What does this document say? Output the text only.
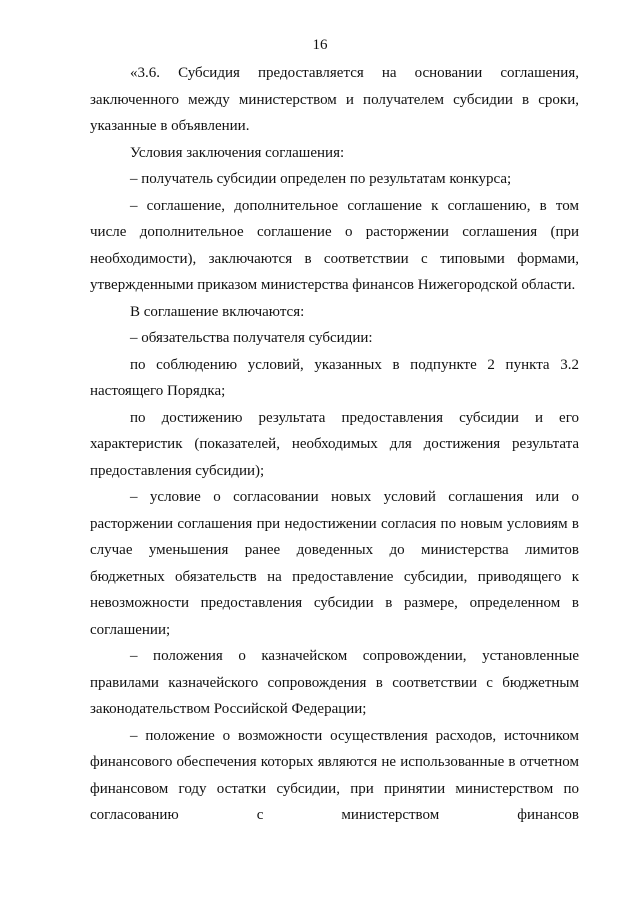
16

«3.6. Субсидия предоставляется на основании соглашения, заключенного между министерством и получателем субсидии в сроки, указанные в объявлении.

Условия заключения соглашения:

– получатель субсидии определен по результатам конкурса;

– соглашение, дополнительное соглашение к соглашению, в том числе дополнительное соглашение о расторжении соглашения (при необходимости), заключаются в соответствии с типовыми формами, утвержденными приказом министерства финансов Нижегородской области.

В соглашение включаются:

– обязательства получателя субсидии:

по соблюдению условий, указанных в подпункте 2 пункта 3.2 настоящего Порядка;

по достижению результата предоставления субсидии и его характеристик (показателей, необходимых для достижения результата предоставления субсидии);

– условие о согласовании новых условий соглашения или о расторжении соглашения при недостижении согласия по новым условиям в случае уменьшения ранее доведенных до министерства лимитов бюджетных обязательств на предоставление субсидии, приводящего к невозможности предоставления субсидии в размере, определенном в соглашении;

– положения о казначейском сопровождении, установленные правилами казначейского сопровождения в соответствии с бюджетным законодательством Российской Федерации;

– положение о возможности осуществления расходов, источником финансового обеспечения которых являются не использованные в отчетном финансовом году остатки субсидии, при принятии министерством по согласованию с министерством финансов
